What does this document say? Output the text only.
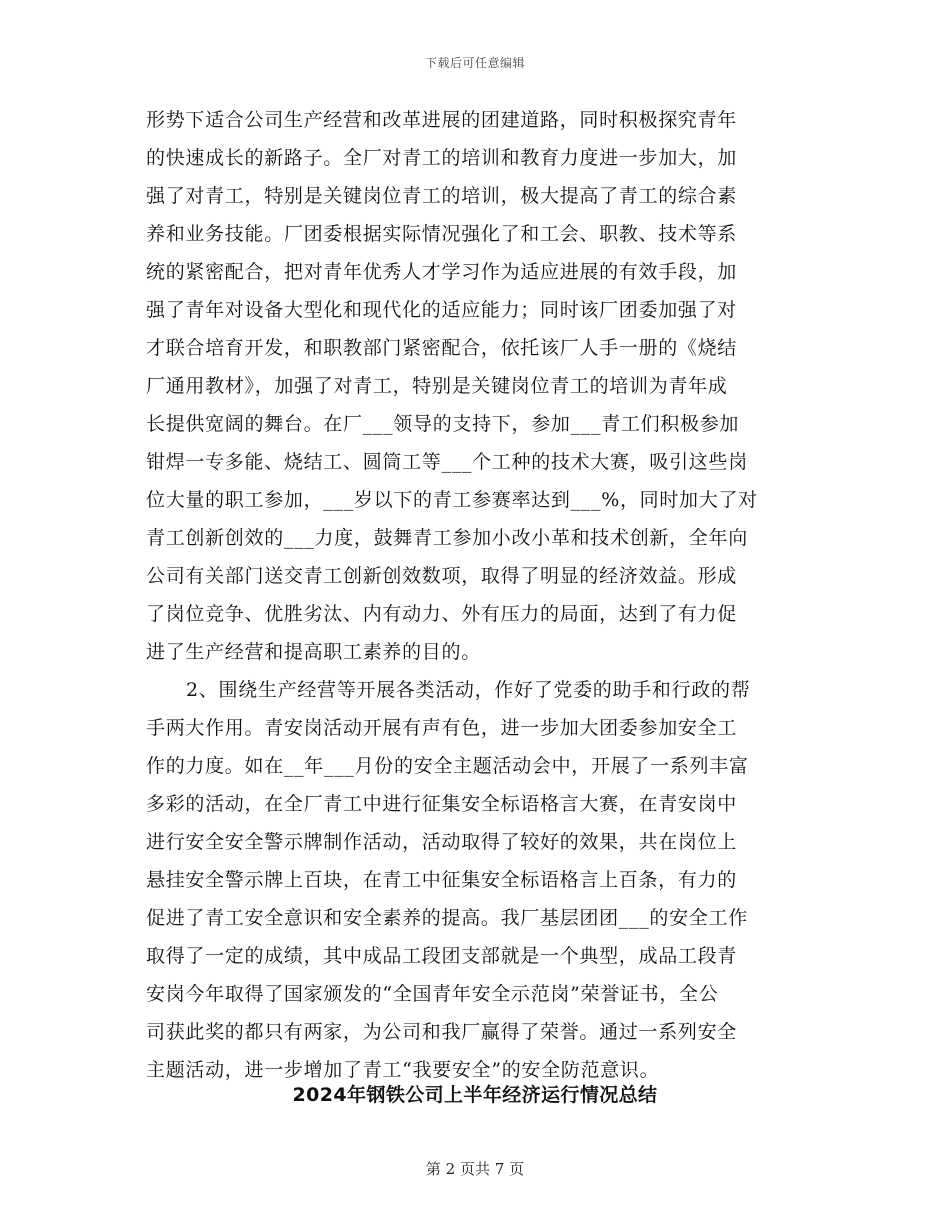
下载后可任意编辑
形势下适合公司生产经营和改革进展的团建道路，同时积极探究青年
的快速成长的新路子。全厂对青工的培训和教育力度进一步加大，加
强了对青工，特别是关键岗位青工的培训，极大提高了青工的综合素
养和业务技能。厂团委根据实际情况强化了和工会、职教、技术等系
统的紧密配合，把对青年优秀人才学习作为适应进展的有效手段，加
强了青年对设备大型化和现代化的适应能力；同时该厂团委加强了对
才联合培育开发，和职教部门紧密配合，依托该厂人手一册的《烧结
厂通用教材》，加强了对青工，特别是关键岗位青工的培训为青年成
长提供宽阔的舞台。在厂___领导的支持下，参加___青工们积极参加
钳焊一专多能、烧结工、圆筒工等___个工种的技术大赛，吸引这些岗
位大量的职工参加，___岁以下的青工参赛率达到___%，同时加大了对
青工创新创效的___力度，鼓舞青工参加小改小革和技术创新，全年向
公司有关部门送交青工创新创效数项，取得了明显的经济效益。形成
了岗位竞争、优胜劣汰、内有动力、外有压力的局面，达到了有力促
进了生产经营和提高职工素养的目的。
2、围绕生产经营等开展各类活动，作好了党委的助手和行政的帮
手两大作用。青安岗活动开展有声有色，进一步加大团委参加安全工
作的力度。如在__年___月份的安全主题活动会中，开展了一系列丰富
多彩的活动，在全厂青工中进行征集安全标语格言大赛，在青安岗中
进行安全安全警示牌制作活动，活动取得了较好的效果，共在岗位上
悬挂安全警示牌上百块，在青工中征集安全标语格言上百条，有力的
促进了青工安全意识和安全素养的提高。我厂基层团团___的安全工作
取得了一定的成绩，其中成品工段团支部就是一个典型，成品工段青
安岗今年取得了国家颁发的“全国青年安全示范岗”荣誉证书，全公
司获此奖的都只有两家，为公司和我厂赢得了荣誉。通过一系列安全
主题活动，进一步增加了青工“我要安全”的安全防范意识。
2024年钢铁公司上半年经济运行情况总结
第 2 页共 7 页
